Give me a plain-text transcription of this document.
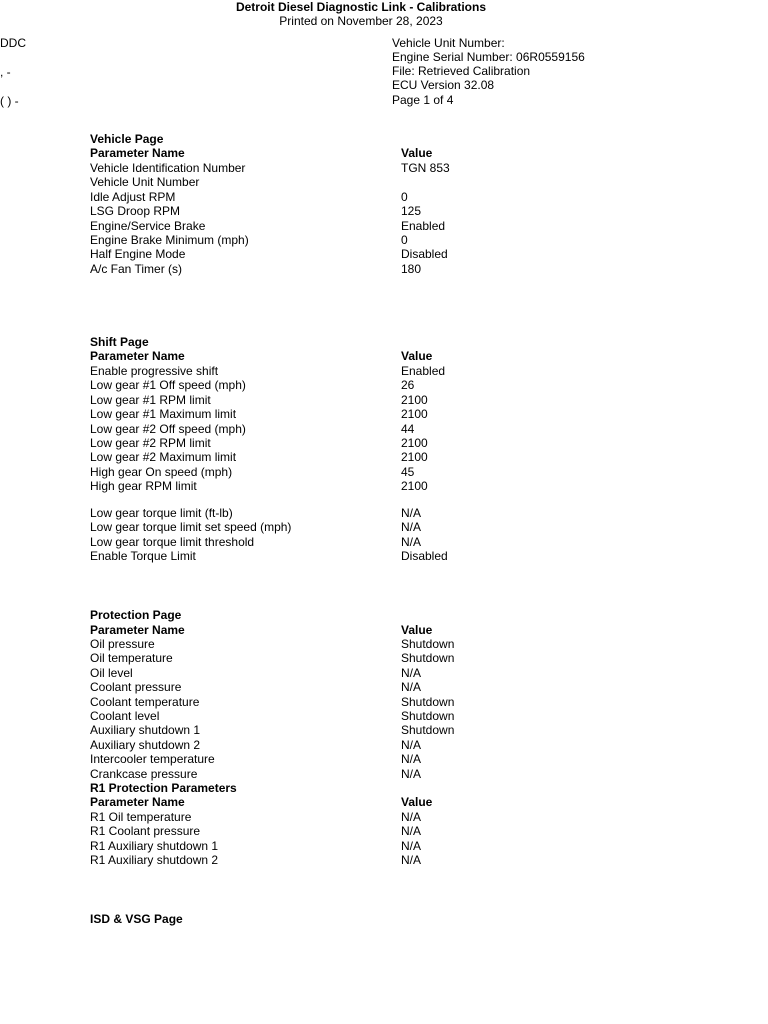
Detroit Diesel Diagnostic Link - Calibrations
Printed on November 28, 2023
DDC
, -
( ) -
Vehicle Unit Number:
Engine Serial Number: 06R0559156
File: Retrieved Calibration
ECU Version 32.08
Page 1 of 4
Vehicle Page
Parameter Name	Value
Vehicle Identification Number	TGN 853
Vehicle Unit Number
Idle Adjust RPM	0
LSG Droop RPM	125
Engine/Service Brake	Enabled
Engine Brake Minimum (mph)	0
Half Engine Mode	Disabled
A/c Fan Timer (s)	180
Shift Page
Parameter Name	Value
Enable progressive shift	Enabled
Low gear #1 Off speed (mph)	26
Low gear #1 RPM limit	2100
Low gear #1 Maximum limit	2100
Low gear #2 Off speed (mph)	44
Low gear #2 RPM limit	2100
Low gear #2 Maximum limit	2100
High gear On speed (mph)	45
High gear RPM limit	2100
Low gear torque limit (ft-lb)	N/A
Low gear torque limit set speed (mph)	N/A
Low gear torque limit threshold	N/A
Enable Torque Limit	Disabled
Protection Page
Parameter Name	Value
Oil pressure	Shutdown
Oil temperature	Shutdown
Oil level	N/A
Coolant pressure	N/A
Coolant temperature	Shutdown
Coolant level	Shutdown
Auxiliary shutdown 1	Shutdown
Auxiliary shutdown 2	N/A
Intercooler temperature	N/A
Crankcase pressure	N/A
R1 Protection Parameters
Parameter Name	Value
R1 Oil temperature	N/A
R1 Coolant pressure	N/A
R1 Auxiliary shutdown 1	N/A
R1 Auxiliary shutdown 2	N/A
ISD & VSG Page
